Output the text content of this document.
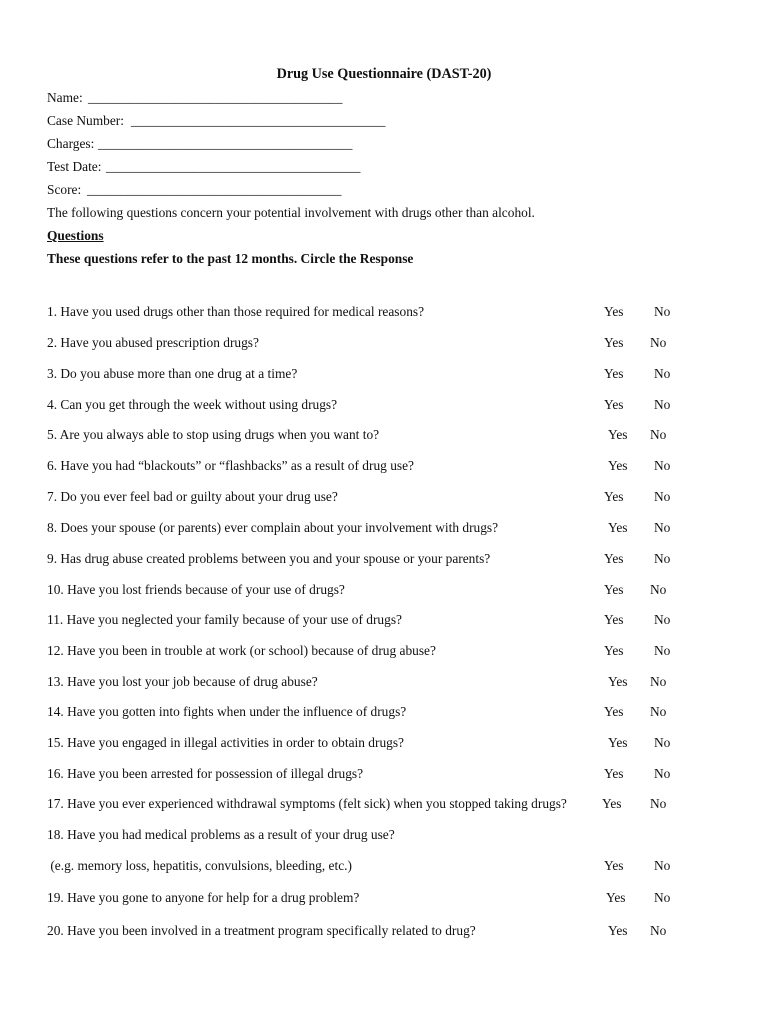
Drug Use Questionnaire (DAST-20)
Name: ______________________________________
Case Number: ______________________________________
Charges: ______________________________________
Test Date: ______________________________________
Score: ______________________________________
The following questions concern your potential involvement with drugs other than alcohol.
Questions
These questions refer to the past 12 months. Circle the Response
1. Have you used drugs other than those required for medical reasons?	Yes No
2. Have you abused prescription drugs?	Yes No
3. Do you abuse more than one drug at a time?	Yes No
4. Can you get through the week without using drugs?	Yes No
5. Are you always able to stop using drugs when you want to?	Yes No
6. Have you had “blackouts” or “flashbacks” as a result of drug use?	Yes No
7. Do you ever feel bad or guilty about your drug use?	Yes No
8. Does your spouse (or parents) ever complain about your involvement with drugs?	Yes No
9. Has drug abuse created problems between you and your spouse or your parents?	Yes No
10. Have you lost friends because of your use of drugs?	Yes No
11. Have you neglected your family because of your use of drugs?	Yes No
12. Have you been in trouble at work (or school) because of drug abuse?	Yes No
13. Have you lost your job because of drug abuse?	Yes No
14. Have you gotten into fights when under the influence of drugs?	Yes No
15. Have you engaged in illegal activities in order to obtain drugs?	Yes No
16. Have you been arrested for possession of illegal drugs?	Yes No
17. Have you ever experienced withdrawal symptoms (felt sick) when you stopped taking drugs?	Yes No
18. Have you had medical problems as a result of your drug use?
(e.g. memory loss, hepatitis, convulsions, bleeding, etc.)	Yes No
19. Have you gone to anyone for help for a drug problem?	Yes No
20. Have you been involved in a treatment program specifically related to drug?	Yes No
